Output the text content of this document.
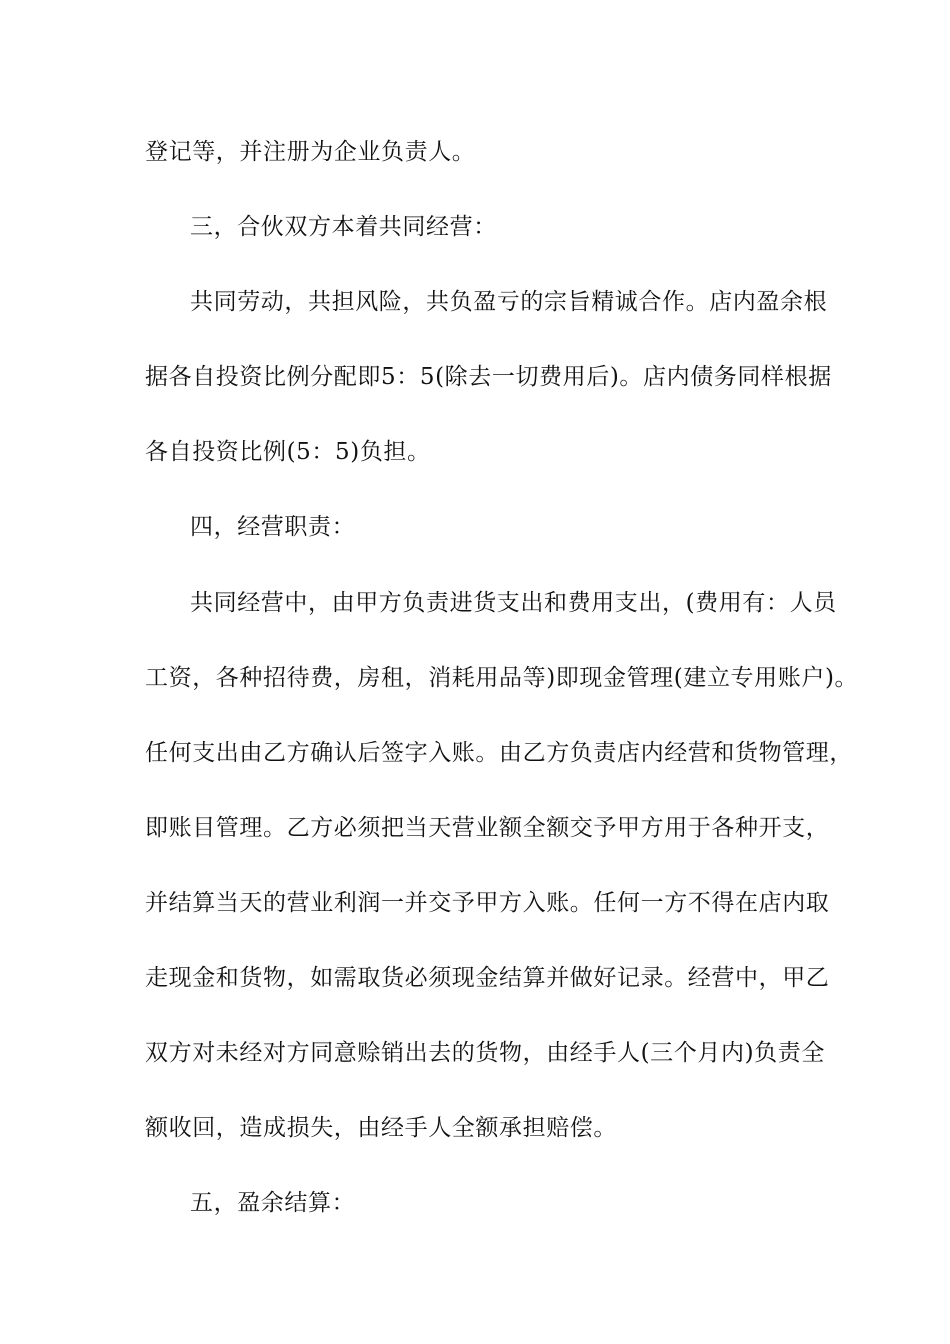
登记等，并注册为企业负责人。
三，合伙双方本着共同经营：
共同劳动，共担风险，共负盈亏的宗旨精诚合作。店内盈余根
据各自投资比例分配即5：5(除去一切费用后)。店内债务同样根据
各自投资比例(5：5)负担。
四，经营职责：
共同经营中，由甲方负责进货支出和费用支出，(费用有：人员
工资，各种招待费，房租，消耗用品等)即现金管理(建立专用账户)。
任何支出由乙方确认后签字入账。由乙方负责店内经营和货物管理，
即账目管理。乙方必须把当天营业额全额交予甲方用于各种开支，
并结算当天的营业利润一并交予甲方入账。任何一方不得在店内取
走现金和货物，如需取货必须现金结算并做好记录。经营中，甲乙
双方对未经对方同意赊销出去的货物，由经手人(三个月内)负责全
额收回，造成损失，由经手人全额承担赔偿。
五，盈余结算：
